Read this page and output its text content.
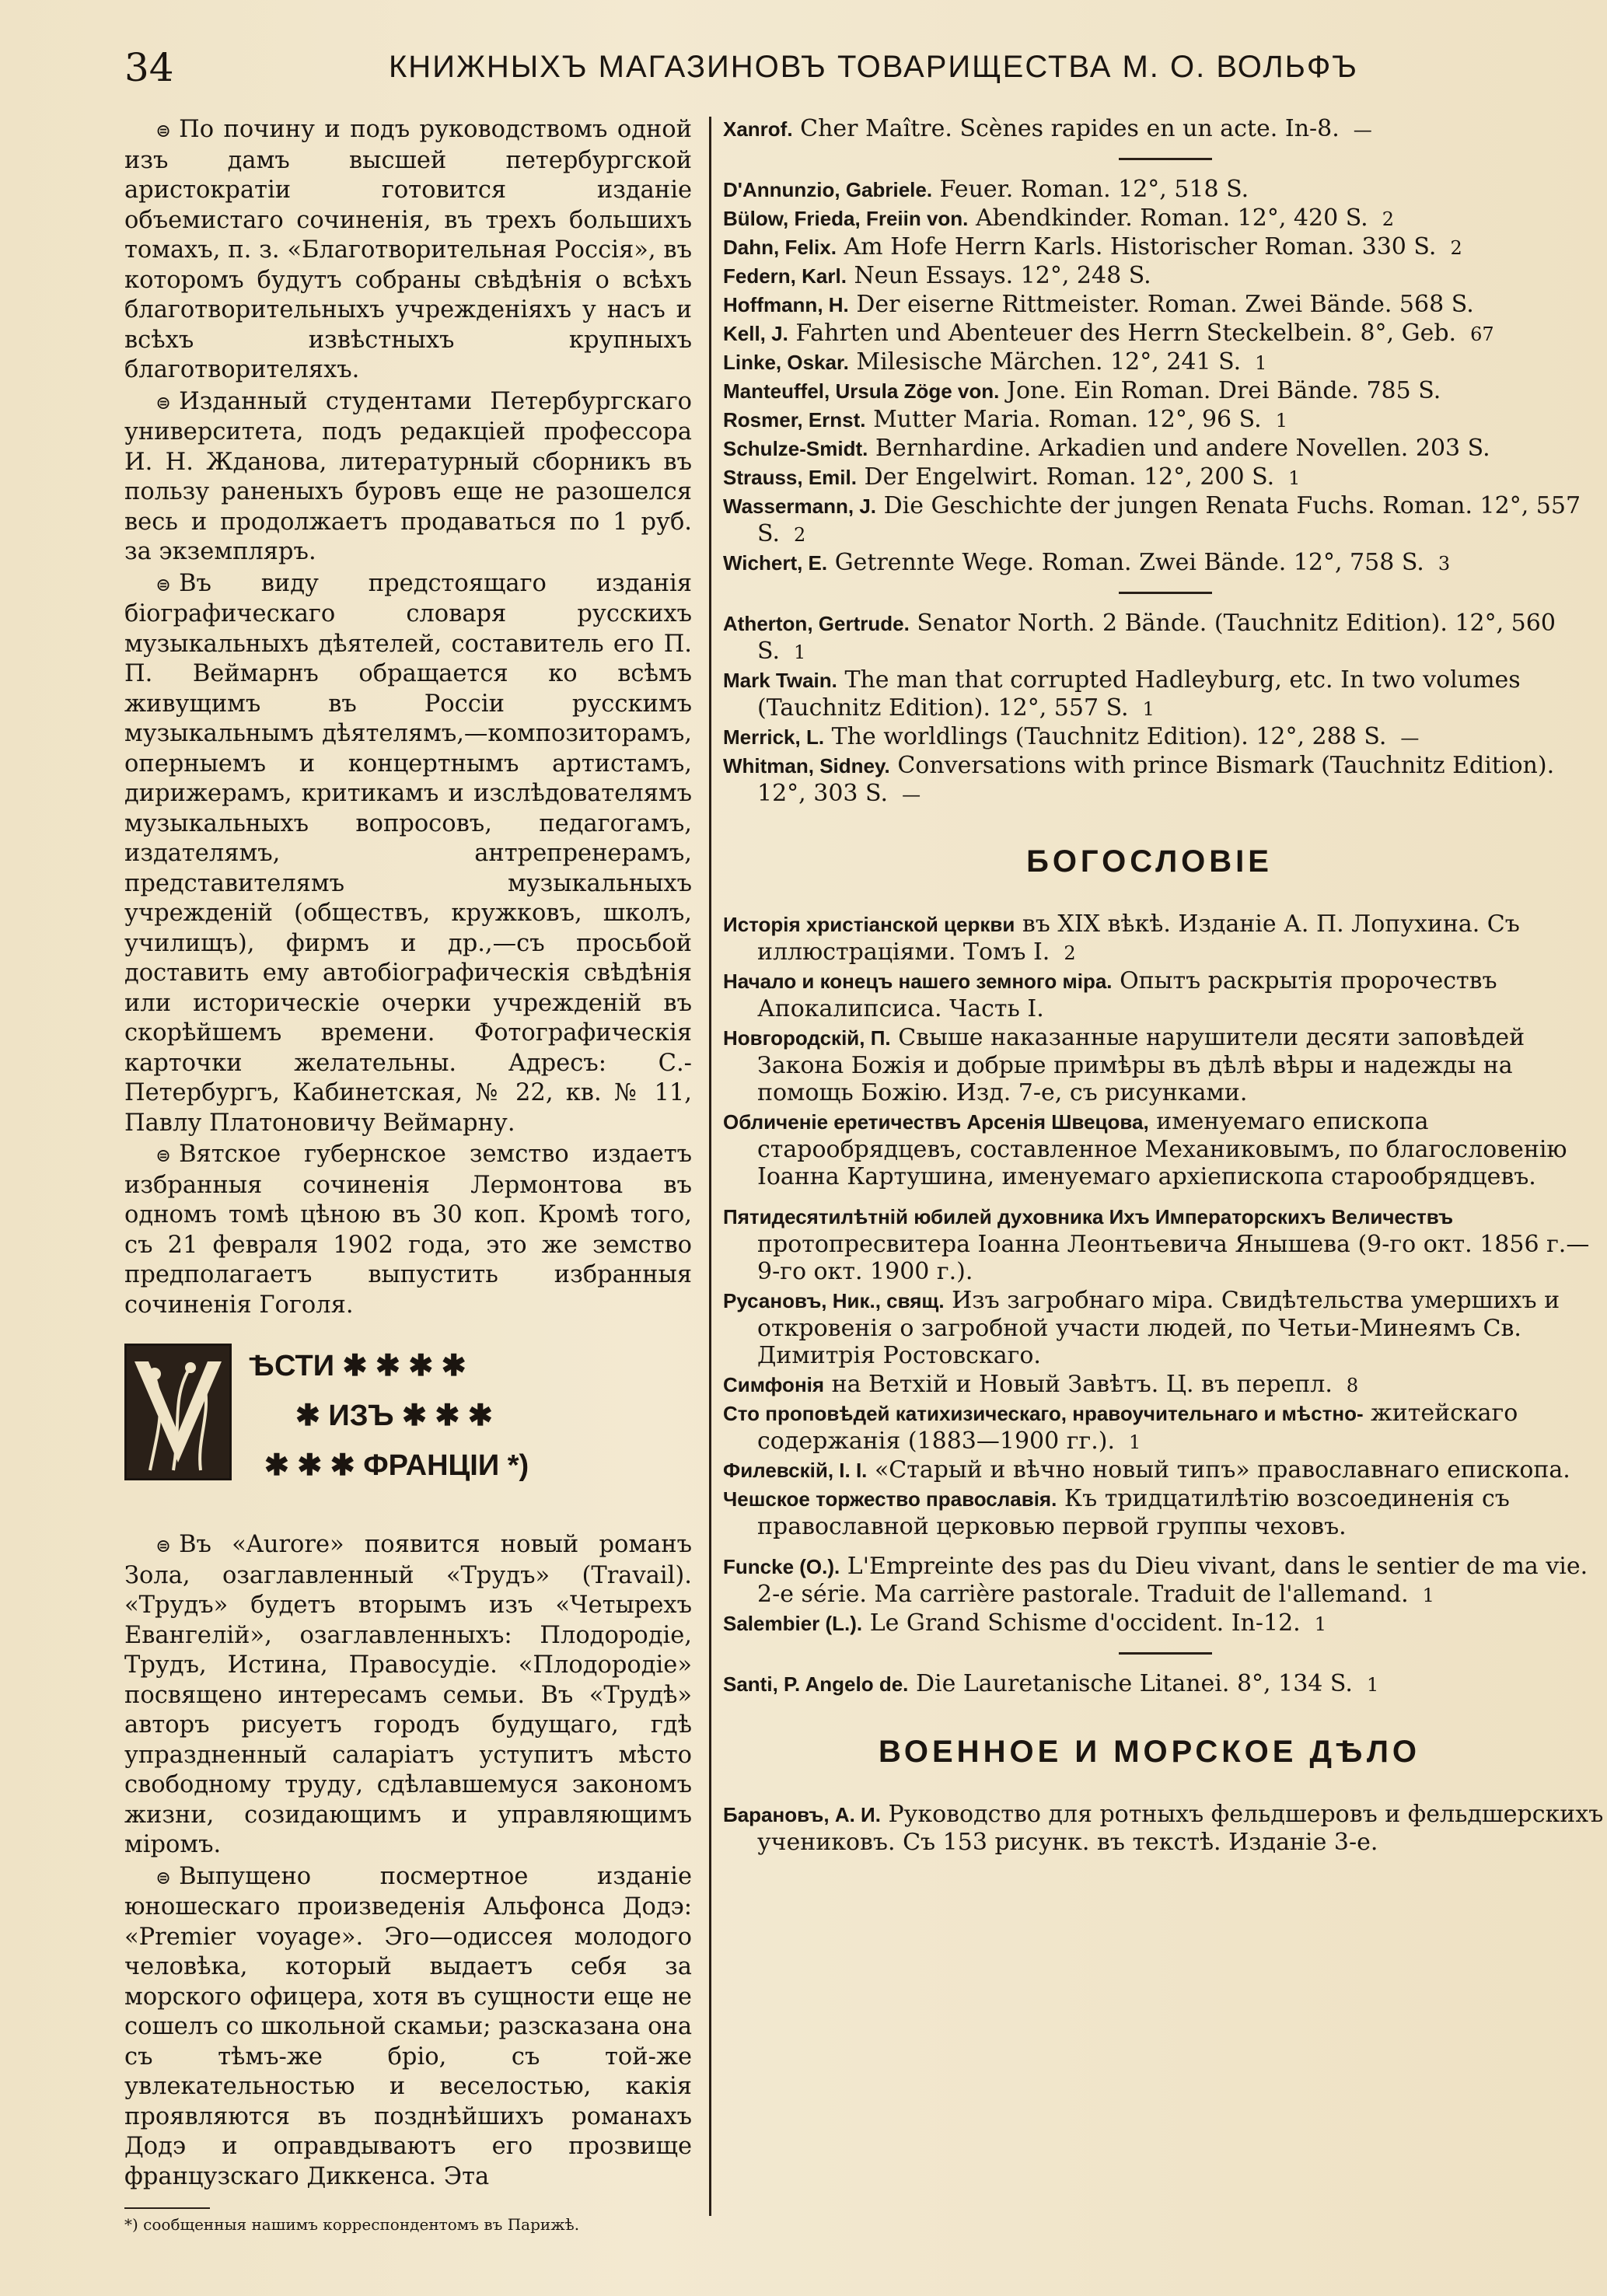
34	КНИЖНЫХЪ МАГАЗИНОВЪ ТОВАРИЩЕСТВА М. О. ВОЛЬФЪ

⊜ По почину и подъ руководствомъ одной изъ дамъ высшей петербургской аристократiи готовится изданiе объемистаго сочиненiя, въ трехъ большихъ томахъ, п. з. «Благотворительная Россiя», въ которомъ будутъ собраны свѣдѣнiя о всѣхъ благотворительныхъ учрежденiяхъ у насъ и всѣхъ извѣстныхъ крупныхъ благотворителяхъ.

⊜ Изданный студентами Петербургскаго университета, подъ редакцiей профессора И. Н. Жданова, литературный сборникъ въ пользу раненыхъ буровъ еще не разошелся весь и продолжаетъ продаваться по 1 руб. за экземпляръ.

⊜ Въ виду предстоящаго изданiя бiографическаго словаря русскихъ музыкальныхъ дѣятелей, составитель его П. П. Веймарнъ обращается ко всѣмъ живущимъ въ Россiи русскимъ музыкальнымъ дѣятелямъ,—композиторамъ, оперныемъ и концертнымъ артистамъ, дирижерамъ, критикамъ и изслѣдователямъ музыкальныхъ вопросовъ, педагогамъ, издателямъ, антрепренерамъ, представителямъ музыкальныхъ учрежденiй (обществъ, кружковъ, школъ, училищъ), фирмъ и др.,—съ просьбой доставить ему автобiографическiя свѣдѣнiя или историческiе очерки учрежденiй въ скорѣйшемъ времени. Фотографическiя карточки желательны. Адресъ: С.-Петербургъ, Кабинетская, № 22, кв. № 11, Павлу Платоновичу Веймарну.

⊜ Вятское губернское земство издаетъ избранныя сочиненiя Лермонтова въ одномъ томѣ цѣною въ 30 коп. Кромѣ того, съ 21 февраля 1902 года, это же земство предполагаетъ выпустить избранныя сочиненiя Гоголя.

ѢСТИ ✱ ✱ ✱ ✱
✱ ИЗЪ ✱ ✱ ✱
✱ ✱ ✱ ФРАНЦIИ *)

⊜ Въ «Aurore» появится новый романъ Зола, озаглавленный «Трудъ» (Travail). «Трудъ» будетъ вторымъ изъ «Четырехъ Евангелiй», озаглавленныхъ: Плодородiе, Трудъ, Истина, Правосудiе. «Плодородiе» посвящено интересамъ семьи. Въ «Трудѣ» авторъ рисуетъ городъ будущаго, гдѣ упраздненный саларiатъ уступитъ мѣсто свободному труду, сдѣлавшемуся закономъ жизни, созидающимъ и управляющимъ мiромъ.

⊜ Выпущено посмертное изданiе юношескаго произведенiя Альфонса Додэ: «Premier voyage». Эго—одиссея молодого человѣка, который выдаетъ себя за морского офицера, хотя въ сущности еще не сошелъ со школьной скамьи; разсказана она съ тѣмъ-же брiо, съ той-же увлекательностью и веселостью, какiя проявляются въ позднѣйшихъ романахъ Додэ и оправдываютъ его прозвище французскаго Диккенса. Эта

*) сообщенныя нашимъ корреспондентомъ въ Парижѣ.

Xanrof. Cher Maître. Scènes rapides en un acte. In-8. —

D'Annunzio, Gabriele. Feuer. Roman. 12°, 518 S.

Bülow, Frieda, Freiin von. Abendkinder. Roman. 12°, 420 S. 2

Dahn, Felix. Am Hofe Herrn Karls. Historischer Roman. 330 S. 2

Federn, Karl. Neun Essays. 12°, 248 S.

Hoffmann, H. Der eiserne Rittmeister. Roman. Zwei Bände. 568 S.

Kell, J. Fahrten und Abenteuer des Herrn Steckelbein. 8°, Geb. 67

Linke, Oskar. Milesische Märchen. 12°, 241 S. 1

Manteuffel, Ursula Zöge von. Jone. Ein Roman. Drei Bände. 785 S.

Rosmer, Ernst. Mutter Maria. Roman. 12°, 96 S. 1

Schulze-Smidt. Bernhardine. Arkadien und andere Novellen. 203 S.

Strauss, Emil. Der Engelwirt. Roman. 12°, 200 S. 1

Wassermann, J. Die Geschichte der jungen Renata Fuchs. Roman. 12°, 557 S. 2

Wichert, E. Getrennte Wege. Roman. Zwei Bände. 12°, 758 S. 3

Atherton, Gertrude. Senator North. 2 Bände. (Tauchnitz Edition). 12°, 560 S. 1

Mark Twain. The man that corrupted Hadleyburg, etc. In two volumes (Tauchnitz Edition). 12°, 557 S. 1

Merrick, L. The worldlings (Tauchnitz Edition). 12°, 288 S. —

Whitman, Sidney. Conversations with prince Bismark (Tauchnitz Edition). 12°, 303 S. —

БОГОСЛОВIЕ

Исторiя христiанской церкви въ XIX вѣкѣ. Изданiе А. П. Лопухина. Съ иллюстрацiями. Томъ I. 2

Начало и конецъ нашего земного мiра. Опытъ раскрытiя пророчествъ Апокалипсиса. Часть I.

Новгородскiй, П. Свыше наказанные нарушители десяти заповѣдей Закона Божiя и добрые примѣры въ дѣлѣ вѣры и надежды на помощь Божiю. Изд. 7-е, съ рисунками.

Обличенiе еретичествъ Арсенiя Швецова, именуемаго епископа старообрядцевъ, составленное Механиковымъ, по благословенiю Iоанна Картушина, именуемаго архiепископа старообрядцевъ.

Пятидесятилѣтнiй юбилей духовника Ихъ Императорскихъ Величествъ протопресвитера Iоанна Леонтьевича Янышева (9-го окт. 1856 г.—9-го окт. 1900 г.).

Русановъ, Ник., свящ. Изъ загробнаго мiра. Свидѣтельства умершихъ и откровенiя о загробной участи людей, по Четьи-Минеямъ Св. Димитрiя Ростовскаго.

Симфонiя на Ветхiй и Новый Завѣтъ. Ц. въ перепл. 8

Сто проповѣдей катихизическаго, нравоучительнаго и мѣстно- житейскаго содержанiя (1883—1900 гг.). 1

Филевскiй, I. I. «Старый и вѣчно новый типъ» православнаго епископа.

Чешское торжество православiя. Къ тридцатилѣтiю возсоединенiя съ православной церковью первой группы чеховъ.

Funcke (O.). L'Empreinte des pas du Dieu vivant, dans le sentier de ma vie. 2-e série. Ma carrière pastorale. Traduit de l'allemand. 1

Salembier (L.). Le Grand Schisme d'occident. In-12. 1

Santi, P. Angelo de. Die Lauretanische Litanei. 8°, 134 S. 1

ВОЕННОЕ И МОРСКОЕ ДѢЛО

Барановъ, А. И. Руководство для ротныхъ фельдшеровъ и фельдшерскихъ учениковъ. Съ 153 рисунк. въ текстѣ. Изданiе 3-е.
